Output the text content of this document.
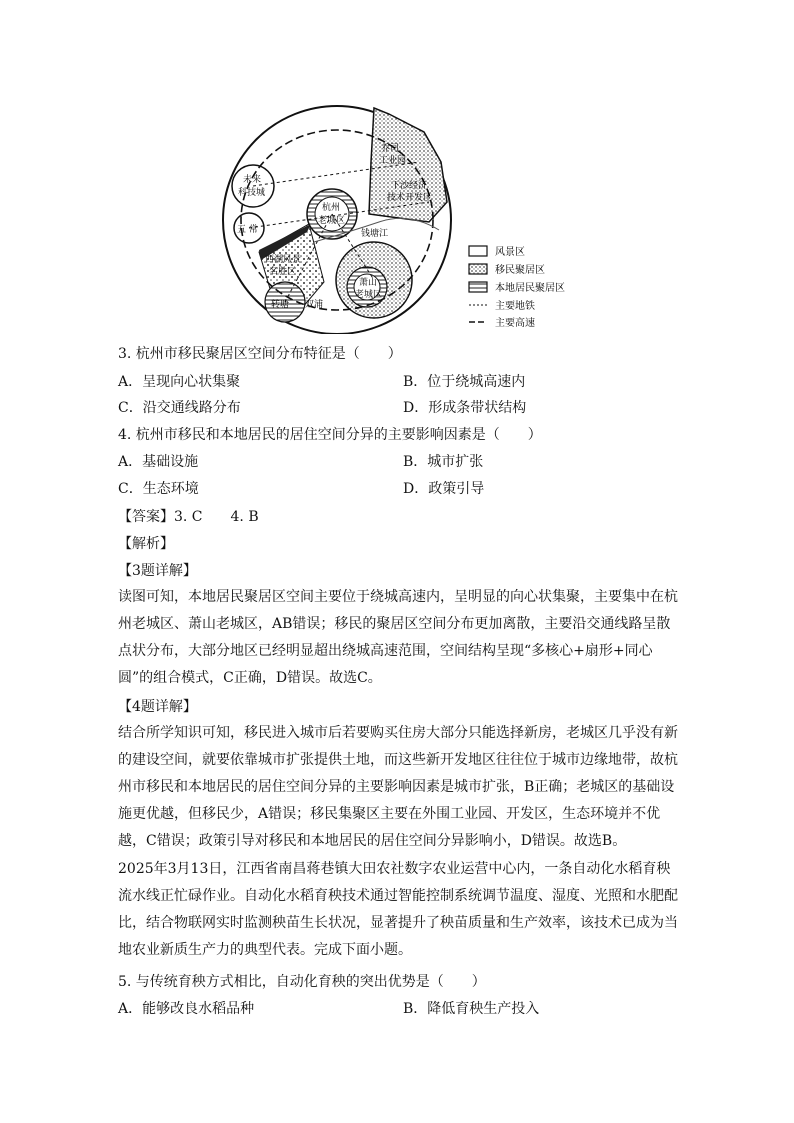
乔司
工业园
下沙经济
技术开发区
未来
科技城
杭州
老城区
五 常	钱塘江
西湖风景
名胜区
萧山
老城区
转塘 双浦
风景区
移民聚居区
本地居民聚居区
主要地铁
主要高速
3. 杭州市移民聚居区空间分布特征是（　　）
A．呈现向心状集聚	B．位于绕城高速内
C．沿交通线路分布	D．形成条带状结构
4. 杭州市移民和本地居民的居住空间分异的主要影响因素是（　　）
A．基础设施	B．城市扩张
C．生态环境	D．政策引导
【答案】3. C　　4. B
【解析】
【3题详解】

读图可知，本地居民聚居区空间主要位于绕城高速内，呈明显的向心状集聚，主要集中在杭州老城区、萧山老城区，AB错误；移民的聚居区空间分布更加离散，主要沿交通线路呈散点状分布，大部分地区已经明显超出绕城高速范围，空间结构呈现“多核心+扇形+同心圆”的组合模式，C正确，D错误。故选C。

【4题详解】

结合所学知识可知，移民进入城市后若要购买住房大部分只能选择新房，老城区几乎没有新的建设空间，就要依靠城市扩张提供土地，而这些新开发地区往往位于城市边缘地带，故杭州市移民和本地居民的居住空间分异的主要影响因素是城市扩张，B正确；老城区的基础设施更优越，但移民少，A错误；移民集聚区主要在外围工业园、开发区，生态环境并不优越，C错误；政策引导对移民和本地居民的居住空间分异影响小，D错误。故选B。

2025年3月13日，江西省南昌蒋巷镇大田农社数字农业运营中心内，一条自动化水稻育秧流水线正忙碌作业。自动化水稻育秧技术通过智能控制系统调节温度、湿度、光照和水肥配比，结合物联网实时监测秧苗生长状况，显著提升了秧苗质量和生产效率，该技术已成为当地农业新质生产力的典型代表。完成下面小题。

5. 与传统育秧方式相比，自动化育秧的突出优势是（　　）
A．能够改良水稻品种	B．降低育秧生产投入
